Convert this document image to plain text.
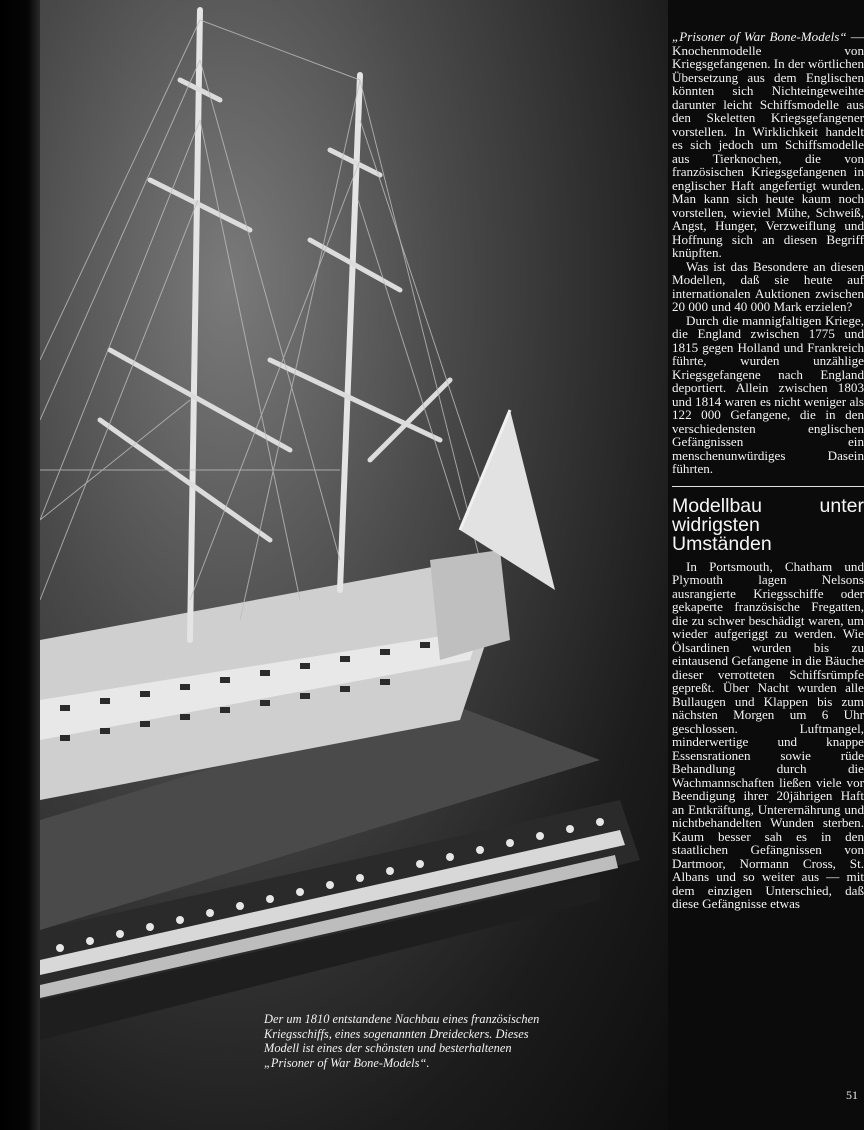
Der um 1810 entstandene Nachbau eines französischen Kriegsschiffs, eines sogenannten Dreideckers. Dieses Modell ist eines der schönsten und besterhaltenen „Prisoner of War Bone-Models“.

„Prisoner of War Bone-Models“ — Knochenmodelle von Kriegsgefangenen. In der wörtlichen Übersetzung aus dem Englischen könnten sich Nichteingeweihte darunter leicht Schiffsmodelle aus den Skeletten Kriegsgefangener vorstellen. In Wirklichkeit handelt es sich jedoch um Schiffsmodelle aus Tierknochen, die von französischen Kriegsgefangenen in englischer Haft angefertigt wurden. Man kann sich heute kaum noch vorstellen, wieviel Mühe, Schweiß, Angst, Hunger, Verzweiflung und Hoffnung sich an diesen Begriff knüpften.

Was ist das Besondere an diesen Modellen, daß sie heute auf internationalen Auktionen zwischen 20 000 und 40 000 Mark erzielen?

Durch die mannigfaltigen Kriege, die England zwischen 1775 und 1815 gegen Holland und Frankreich führte, wurden unzählige Kriegsgefangene nach England deportiert. Allein zwischen 1803 und 1814 waren es nicht weniger als 122 000 Gefangene, die in den verschiedensten englischen Gefängnissen ein menschenunwürdiges Dasein führten.

Modellbau unter widrigsten Umständen

In Portsmouth, Chatham und Plymouth lagen Nelsons ausrangierte Kriegsschiffe oder gekaperte französische Fregatten, die zu schwer beschädigt waren, um wieder aufgeriggt zu werden. Wie Ölsardinen wurden bis zu eintausend Gefangene in die Bäuche dieser verrotteten Schiffsrümpfe gepreßt. Über Nacht wurden alle Bullaugen und Klappen bis zum nächsten Morgen um 6 Uhr geschlossen. Luftmangel, minderwertige und knappe Essensrationen sowie rüde Behandlung durch die Wachmannschaften ließen viele vor Beendigung ihrer 20jährigen Haft an Entkräftung, Unterernährung und nichtbehandelten Wunden sterben. Kaum besser sah es in den staatlichen Gefängnissen von Dartmoor, Normann Cross, St. Albans und so weiter aus — mit dem einzigen Unterschied, daß diese Gefängnisse etwas

51
